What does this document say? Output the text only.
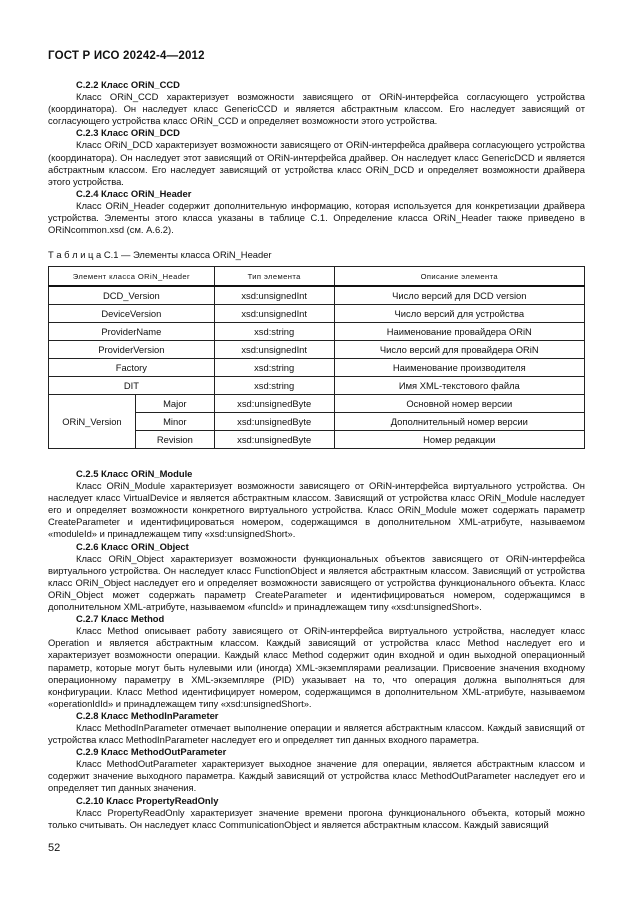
ГОСТ Р ИСО 20242-4—2012
С.2.2 Класс ORiN_CCD
Класс ORiN_CCD характеризует возможности зависящего от ORiN-интерфейса согласующего устройства (координатора). Он наследует класс GenericCCD и является абстрактным классом. Его наследует зависящий от согласующего устройства класс ORiN_CCD и определяет возможности этого устройства.
С.2.3 Класс ORiN_DCD
Класс ORiN_DCD характеризует возможности зависящего от ORiN-интерфейса драйвера согласующего устройства (координатора). Он наследует этот зависящий от ORiN-интерфейса драйвер. Он наследует класс GenericDCD и является абстрактным классом. Его наследует зависящий от устройства класс ORiN_DCD и определяет возможности драйвера этого устройства.
С.2.4 Класс ORiN_Header
Класс ORiN_Header содержит дополнительную информацию, которая используется для конкретизации драйвера устройства. Элементы этого класса указаны в таблице С.1. Определение класса ORiN_Header также приведено в ORiNcommon.xsd (см. А.6.2).
Т а б л и ц а С.1 — Элементы класса ORiN_Header
Элемент класса ORiN_Header		Тип элемента	Описание элемента
DCD_Version		xsd:unsignedInt	Число версий для DCD version
DeviceVersion		xsd:unsignedInt	Число версий для устройства
ProviderName		xsd:string	Наименование провайдера ORiN
ProviderVersion		xsd:unsignedInt	Число версий для провайдера ORiN
Factory		xsd:string	Наименование производителя
DIT		xsd:string	Имя XML-текстового файла
ORiN_Version	Major	xsd:unsignedByte	Основной номер версии
	Minor	xsd:unsignedByte	Дополнительный номер версии
	Revision	xsd:unsignedByte	Номер редакции
С.2.5 Класс ORiN_Module
Класс ORiN_Module характеризует возможности зависящего от ORiN-интерфейса виртуального устройства. Он наследует класс VirtualDevice и является абстрактным классом. Зависящий от устройства класс ORiN_Module наследует его и определяет возможности конкретного виртуального устройства. Класс ORiN_Module может содержать параметр CreateParameter и идентифицироваться номером, содержащимся в дополнительном XML-атрибуте, называемом «moduleId» и принадлежащем типу «xsd:unsignedShort».
С.2.6 Класс ORiN_Object
Класс ORiN_Object характеризует возможности функциональных объектов зависящего от ORiN-интерфейса виртуального устройства. Он наследует класс FunctionObject и является абстрактным классом. Зависящий от устройства класс ORiN_Object наследует его и определяет возможности зависящего от устройства функционального объекта. Класс ORiN_Object может содержать параметр CreateParameter и идентифицироваться номером, содержащимся в дополнительном XML-атрибуте, называемом «funcId» и принадлежащем типу «xsd:unsignedShort».
С.2.7 Класс Method
Класс Method описывает работу зависящего от ORiN-интерфейса виртуального устройства, наследует класс Operation и является абстрактным классом. Каждый зависящий от устройства класс Method наследует его и характеризует возможности операции. Каждый класс Method содержит один входной и один выходной операционный параметр, которые могут быть нулевыми или (иногда) XML-экземплярами реализации. Присвоение значения входному операционному параметру в XML-экземпляре (PID) указывает на то, что операция должна выполняться для конфигурации. Класс Method идентифицирует номером, содержащимся в дополнительном XML-атрибуте, называемом «operationIdId» и принадлежащем типу «xsd:unsignedShort».
С.2.8 Класс MethodInParameter
Класс MethodInParameter отмечает выполнение операции и является абстрактным классом. Каждый зависящий от устройства класс MethodInParameter наследует его и определяет тип данных входного параметра.
С.2.9 Класс MethodOutParameter
Класс MethodOutParameter характеризует выходное значение для операции, является абстрактным классом и содержит значение выходного параметра. Каждый зависящий от устройства класс MethodOutParameter наследует его и определяет тип данных значения.
С.2.10 Класс PropertyReadOnly
Класс PropertyReadOnly характеризует значение времени прогона функционального объекта, который можно только считывать. Он наследует класс CommunicationObject и является абстрактным классом. Каждый зависящий
52
